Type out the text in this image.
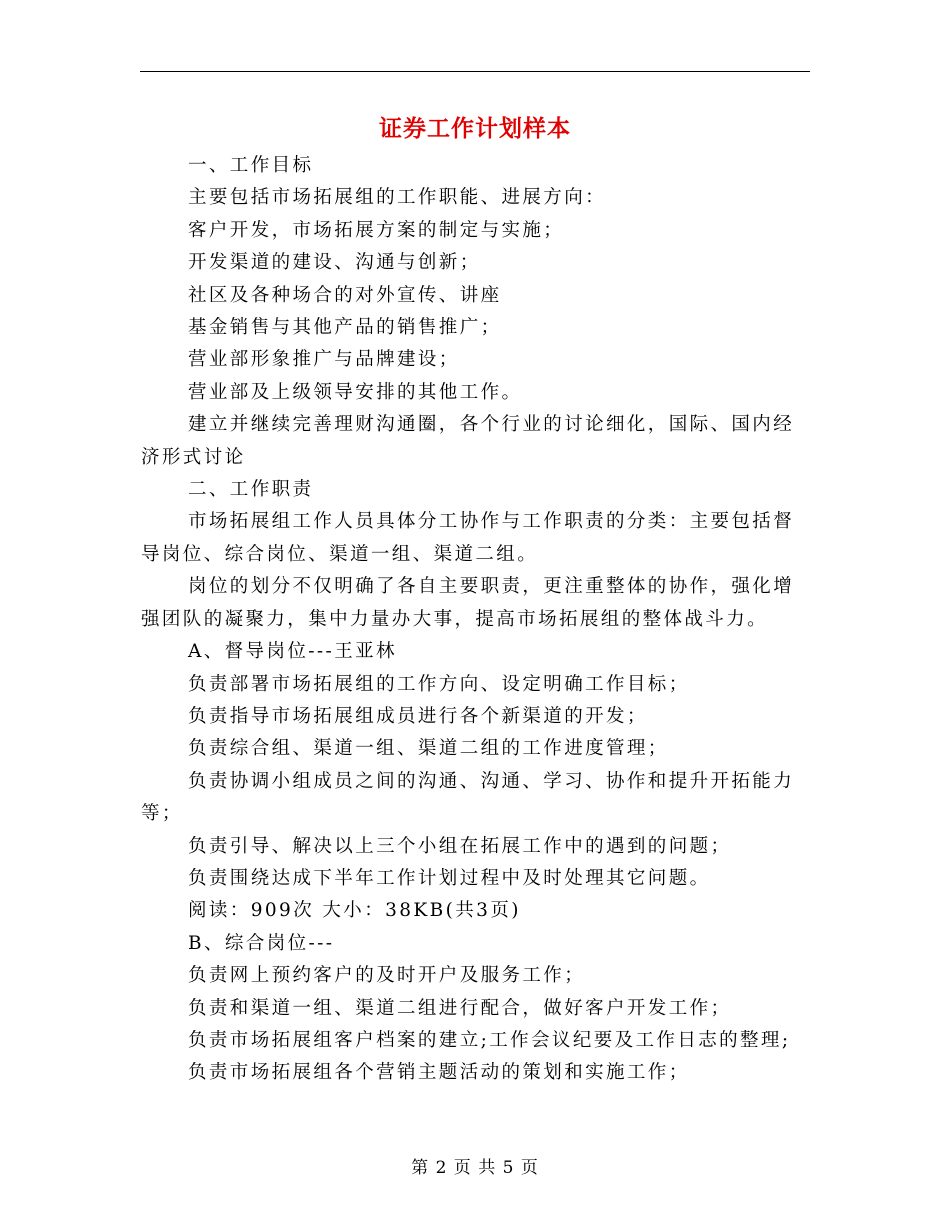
证券工作计划样本

一、工作目标

主要包括市场拓展组的工作职能、进展方向：

客户开发，市场拓展方案的制定与实施；

开发渠道的建设、沟通与创新；

社区及各种场合的对外宣传、讲座

基金销售与其他产品的销售推广；

营业部形象推广与品牌建设；

营业部及上级领导安排的其他工作。

建立并继续完善理财沟通圈，各个行业的讨论细化，国际、国内经济形式讨论

二、工作职责

市场拓展组工作人员具体分工协作与工作职责的分类：主要包括督导岗位、综合岗位、渠道一组、渠道二组。

岗位的划分不仅明确了各自主要职责，更注重整体的协作，强化增强团队的凝聚力，集中力量办大事，提高市场拓展组的整体战斗力。

A、督导岗位---王亚林

负责部署市场拓展组的工作方向、设定明确工作目标；

负责指导市场拓展组成员进行各个新渠道的开发；

负责综合组、渠道一组、渠道二组的工作进度管理；

负责协调小组成员之间的沟通、沟通、学习、协作和提升开拓能力等；

负责引导、解决以上三个小组在拓展工作中的遇到的问题；

负责围绕达成下半年工作计划过程中及时处理其它问题。

阅读：909次 大小：38KB(共3页)

B、综合岗位---

负责网上预约客户的及时开户及服务工作；

负责和渠道一组、渠道二组进行配合，做好客户开发工作；

负责市场拓展组客户档案的建立;工作会议纪要及工作日志的整理;

负责市场拓展组各个营销主题活动的策划和实施工作；

第 2 页 共 5 页
